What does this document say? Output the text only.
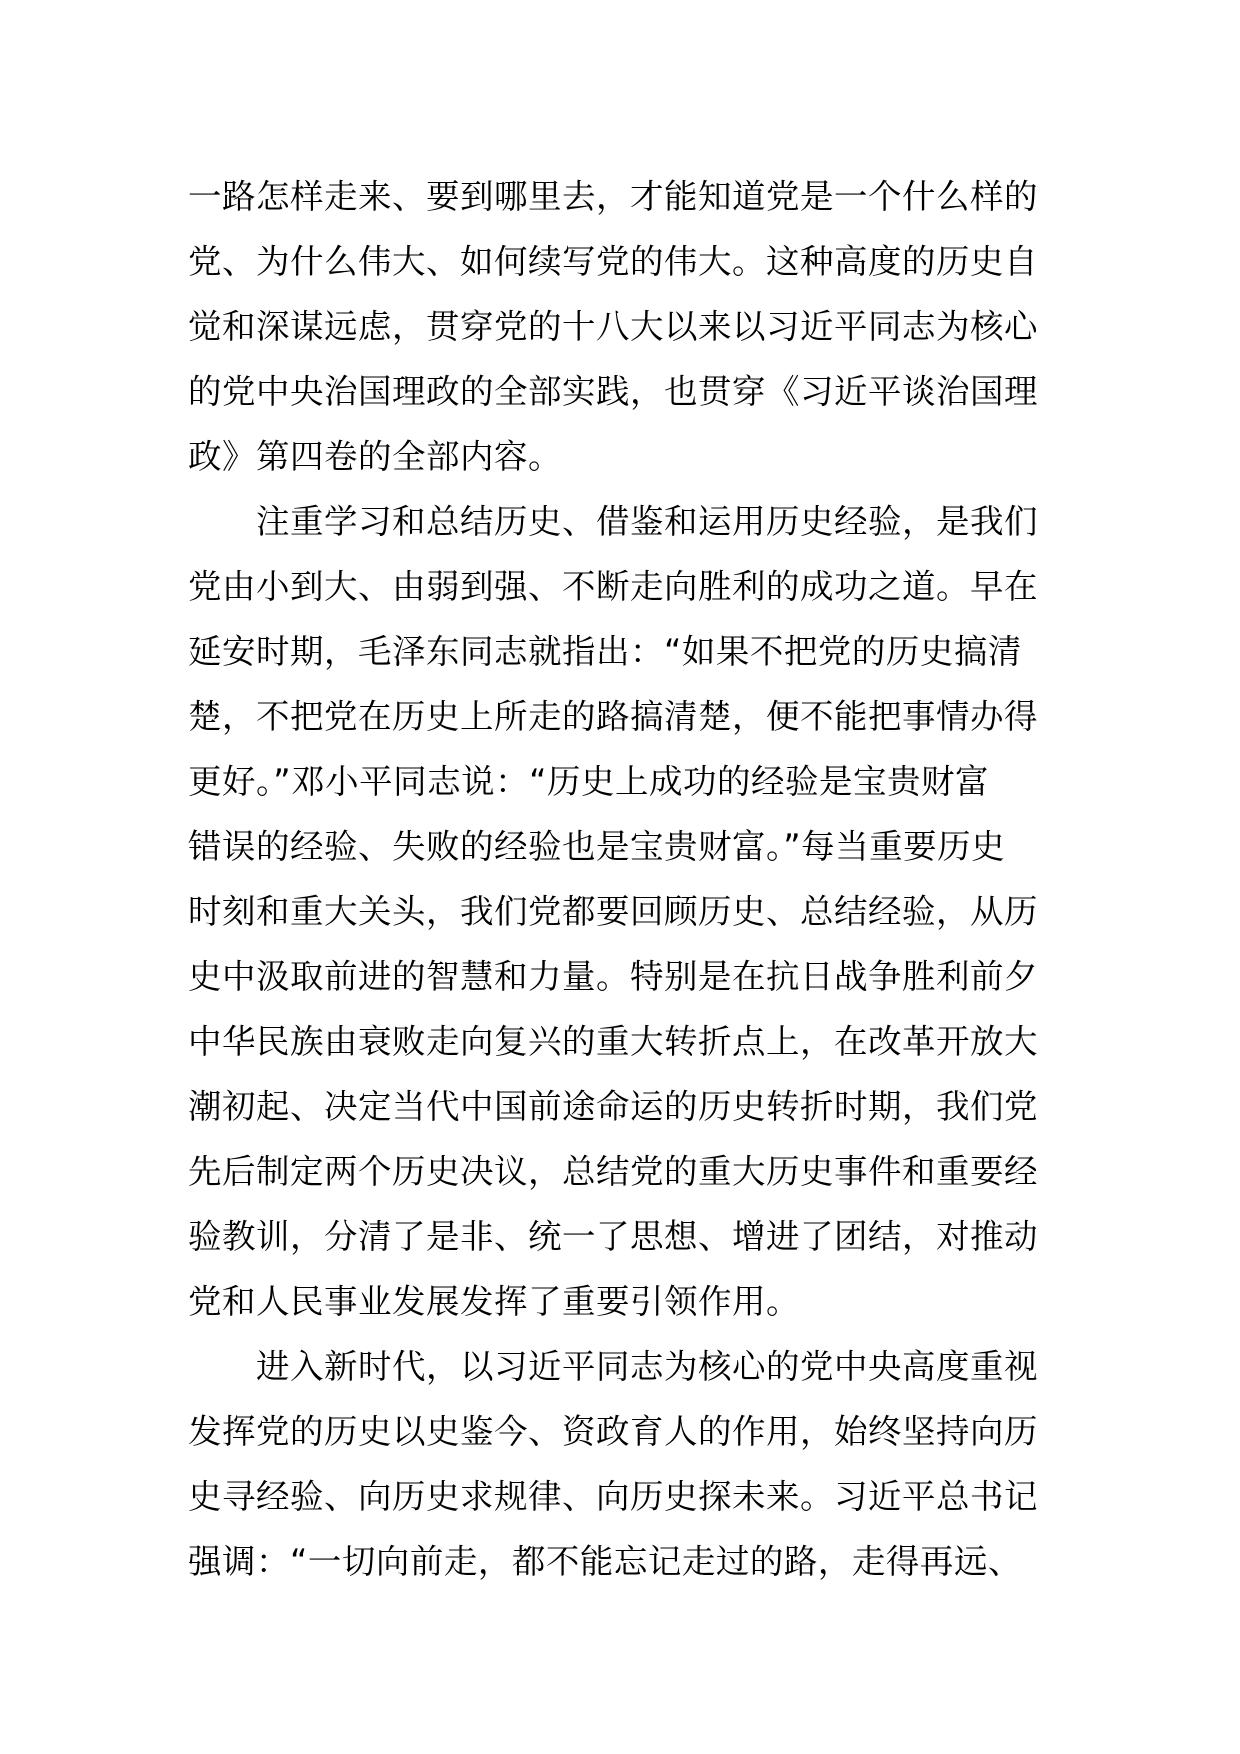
一路怎样走来、要到哪里去，才能知道党是一个什么样的
党、为什么伟大、如何续写党的伟大。这种高度的历史自
觉和深谋远虑，贯穿党的十八大以来以习近平同志为核心
的党中央治国理政的全部实践，也贯穿《习近平谈治国理
政》第四卷的全部内容。
　　注重学习和总结历史、借鉴和运用历史经验，是我们
党由小到大、由弱到强、不断走向胜利的成功之道。早在
延安时期，毛泽东同志就指出：“如果不把党的历史搞清
楚，不把党在历史上所走的路搞清楚，便不能把事情办得
更好。”邓小平同志说：“历史上成功的经验是宝贵财富
错误的经验、失败的经验也是宝贵财富。”每当重要历史
时刻和重大关头，我们党都要回顾历史、总结经验，从历
史中汲取前进的智慧和力量。特别是在抗日战争胜利前夕
中华民族由衰败走向复兴的重大转折点上，在改革开放大
潮初起、决定当代中国前途命运的历史转折时期，我们党
先后制定两个历史决议，总结党的重大历史事件和重要经
验教训，分清了是非、统一了思想、增进了团结，对推动
党和人民事业发展发挥了重要引领作用。
　　进入新时代，以习近平同志为核心的党中央高度重视
发挥党的历史以史鉴今、资政育人的作用，始终坚持向历
史寻经验、向历史求规律、向历史探未来。习近平总书记
强调：“一切向前走，都不能忘记走过的路，走得再远、
